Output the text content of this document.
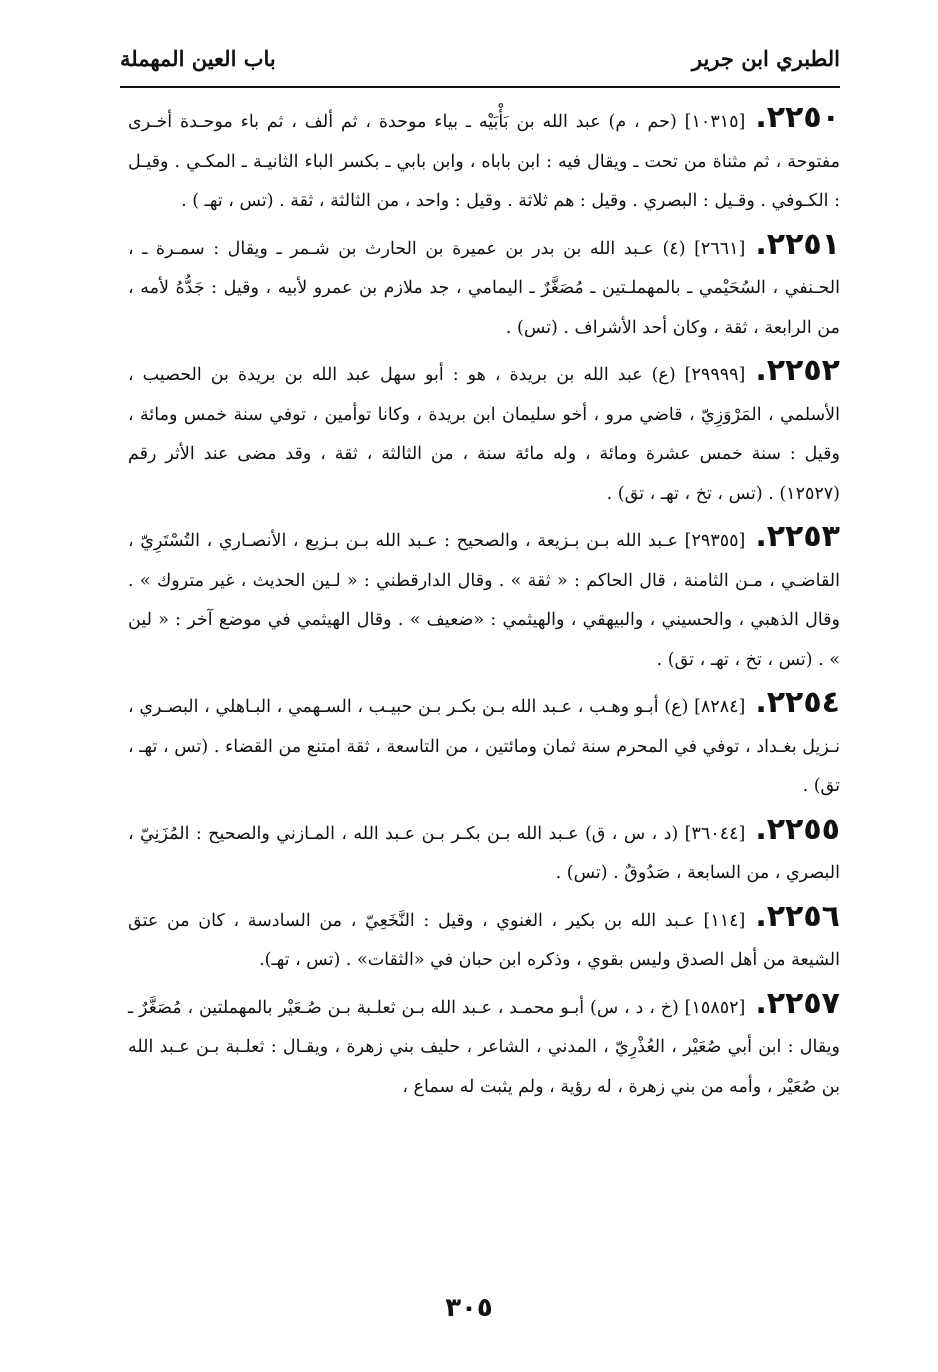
الطبري ابن جرير
باب العين المهملة

٢٢٥٠.[١٠٣١٥] (حم ، م) عبد الله بن بَأْبَيْه ـ بياء موحدة ، ثم ألف ، ثم باء موحـدة أخـرى مفتوحة ، ثم مثناة من تحت ـ ويقال فيه : ابن باباه ، وابن بابي ـ بكسر الباء الثانيـة ـ المكـي . وقيـل : الكـوفي . وقـيل : البصري . وقيل : هم ثلاثة . وقيل : واحد ، من الثالثة ، ثقة . (تس ، تهـ ) .

٢٢٥١.[٢٦٦١] (٤) عـبد الله بن بدر بن عميرة بن الحارث بن شـمر ـ ويقال : سمـرة ـ ، الحـنفي ، السُحَيْمي ـ بالمهملـتين ـ مُصَغَّرٌ ـ اليمامي ، جد ملازم بن عمرو لأبيه ، وقيل : جَدُّهُ لأمه ، من الرابعة ، ثقة ، وكان أحد الأشراف . (تس) .

٢٢٥٢.[٢٩٩٩٩] (ع) عبد الله بن بريدة ، هو : أبو سهل عبد الله بن بريدة بن الحصيب ، الأسلمي ، المَرْوَزِيّ ، قاضي مرو ، أخو سليمان ابن بريدة ، وكانا توأمين ، توفي سنة خمس ومائة ، وقيل : سنة خمس عشرة ومائة ، وله مائة سنة ، من الثالثة ، ثقة ، وقد مضى عند الأثر رقم (١٢٥٢٧) . (تس ، تخ ، تهـ ، تق) .

٢٢٥٣.[٢٩٣٥٥] عـبد الله بـن بـزيعة ، والصحيح : عـبد الله بـن بـزيع ، الأنصـاري ، التُسْتَرِيّ ، القاضـي ، مـن الثامنة ، قال الحاكم : « ثقة » . وقال الدارقطني : « لـين الحديث ، غير متروك » . وقال الذهبي ، والحسيني ، والبيهقي ، والهيثمي : «ضعيف » . وقال الهيثمي في موضع آخر : « لين » . (تس ، تخ ، تهـ ، تق) .

٢٢٥٤.[٨٢٨٤] (ع) أبـو وهـب ، عـبد الله بـن بكـر بـن حبيـب ، السـهمي ، البـاهلي ، البصـري ، نـزيل بغـداد ، توفي في المحرم سنة ثمان ومائتين ، من التاسعة ، ثقة امتنع من القضاء . (تس ، تهـ ، تق) .

٢٢٥٥.[٣٦٠٤٤] (د ، س ، ق) عـبد الله بـن بكـر بـن عـبد الله ، المـازني والصحيح : المُزَنِيّ ، البصري ، من السابعة ، صَدُوقٌ . (تس) .

٢٢٥٦.[١١٤] عـبد الله بن بكير ، الغنوي ، وقيل : النَّخَعِيّ ، من السادسة ، كان من عتق الشيعة من أهل الصدق وليس بقوي ، وذكره ابن حبان في «الثقات» . (تس ، تهـ).

٢٢٥٧.[١٥٨٥٢] (خ ، د ، س) أبـو محمـد ، عـبد الله بـن ثعلـبة بـن صُـعَيْر بالمهملتين ، مُصَغَّرٌ ـ ويقال : ابن أبي صُعَيْر ، العُذْرِيّ ، المدني ، الشاعر ، حليف بني زهرة ، ويقـال : ثعلـبة بـن عـبد الله بن صُعَيْر ، وأمه من بني زهرة ، له رؤية ، ولم يثبت له سماع ،

٣٠٥
